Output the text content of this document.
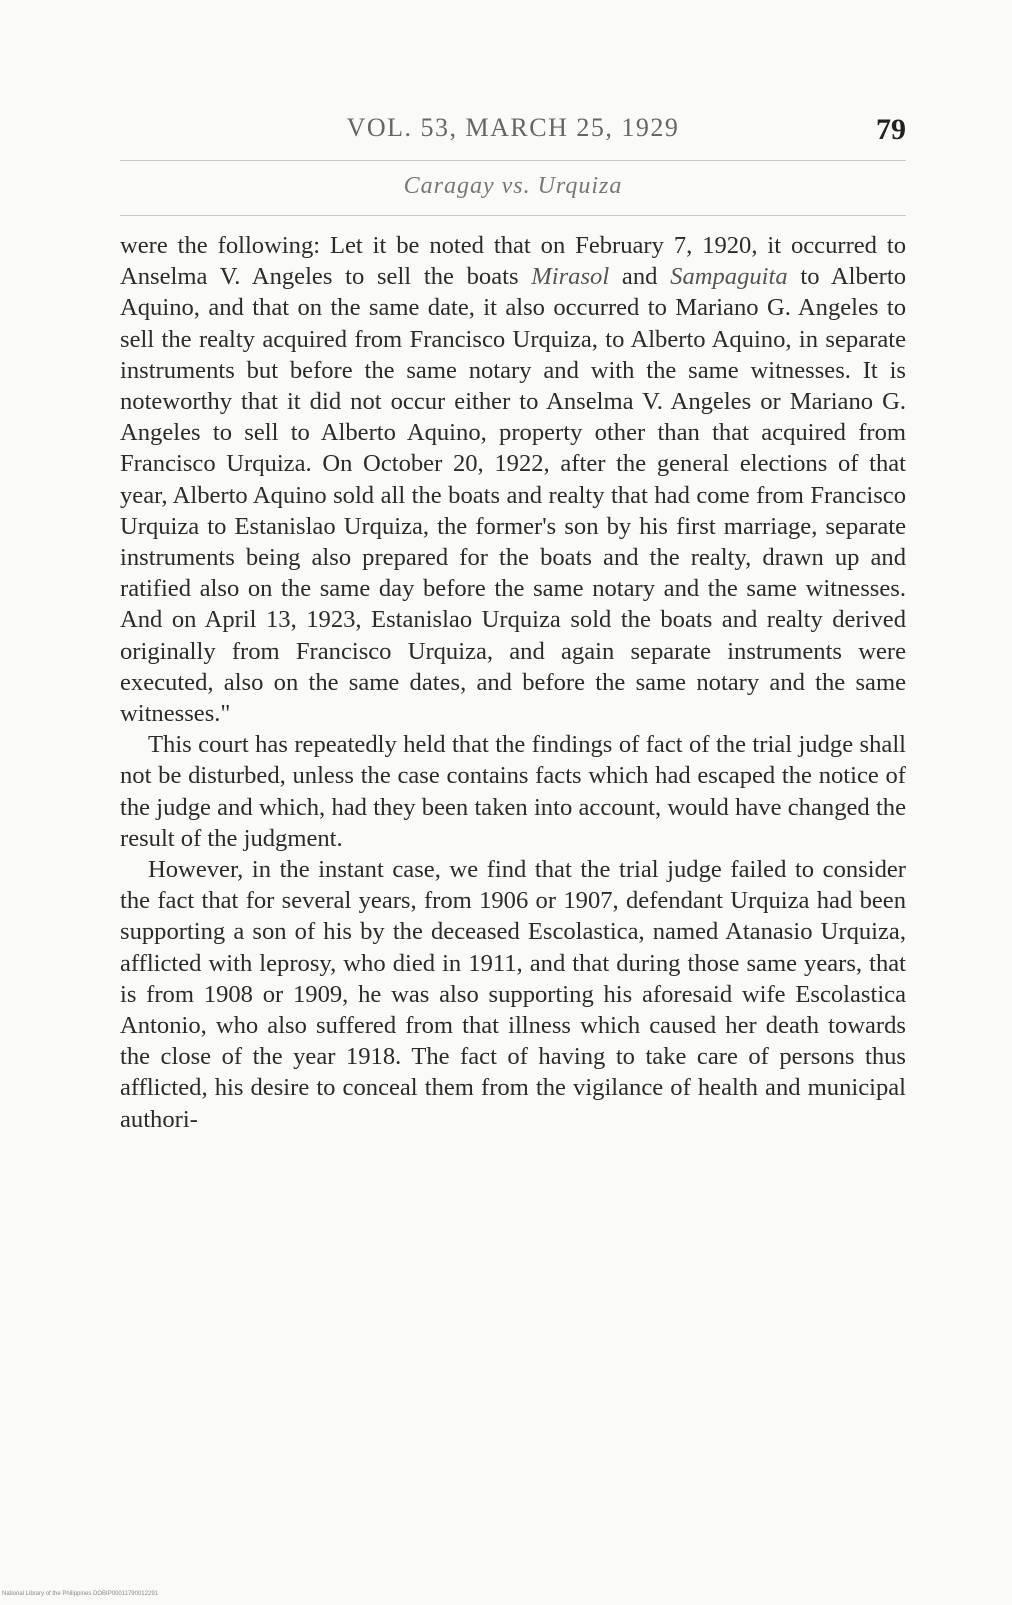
VOL. 53, MARCH 25, 1929	79
Caragay vs. Urquiza

were the following: Let it be noted that on February 7, 1920, it occurred to Anselma V. Angeles to sell the boats Mirasol and Sampaguita to Alberto Aquino, and that on the same date, it also occurred to Mariano G. Angeles to sell the realty acquired from Francisco Urquiza, to Alberto Aquino, in separate instruments but before the same notary and with the same witnesses. It is noteworthy that it did not occur either to Anselma V. Angeles or Mariano G. Angeles to sell to Alberto Aquino, property other than that acquired from Francisco Urquiza. On October 20, 1922, after the general elections of that year, Alberto Aquino sold all the boats and realty that had come from Francisco Urquiza to Estanislao Urquiza, the former's son by his first marriage, separate instruments being also prepared for the boats and the realty, drawn up and ratified also on the same day before the same notary and the same witnesses. And on April 13, 1923, Estanislao Urquiza sold the boats and realty derived originally from Francisco Urquiza, and again separate instruments were executed, also on the same dates, and before the same notary and the same witnesses."

This court has repeatedly held that the findings of fact of the trial judge shall not be disturbed, unless the case contains facts which had escaped the notice of the judge and which, had they been taken into account, would have changed the result of the judgment.

However, in the instant case, we find that the trial judge failed to consider the fact that for several years, from 1906 or 1907, defendant Urquiza had been supporting a son of his by the deceased Escolastica, named Atanasio Urquiza, afflicted with leprosy, who died in 1911, and that during those same years, that is from 1908 or 1909, he was also supporting his aforesaid wife Escolastica Antonio, who also suffered from that illness which caused her death towards the close of the year 1918. The fact of having to take care of persons thus afflicted, his desire to conceal them from the vigilance of health and municipal authori-

National Library of the Philippines DOBIP00011790012291
